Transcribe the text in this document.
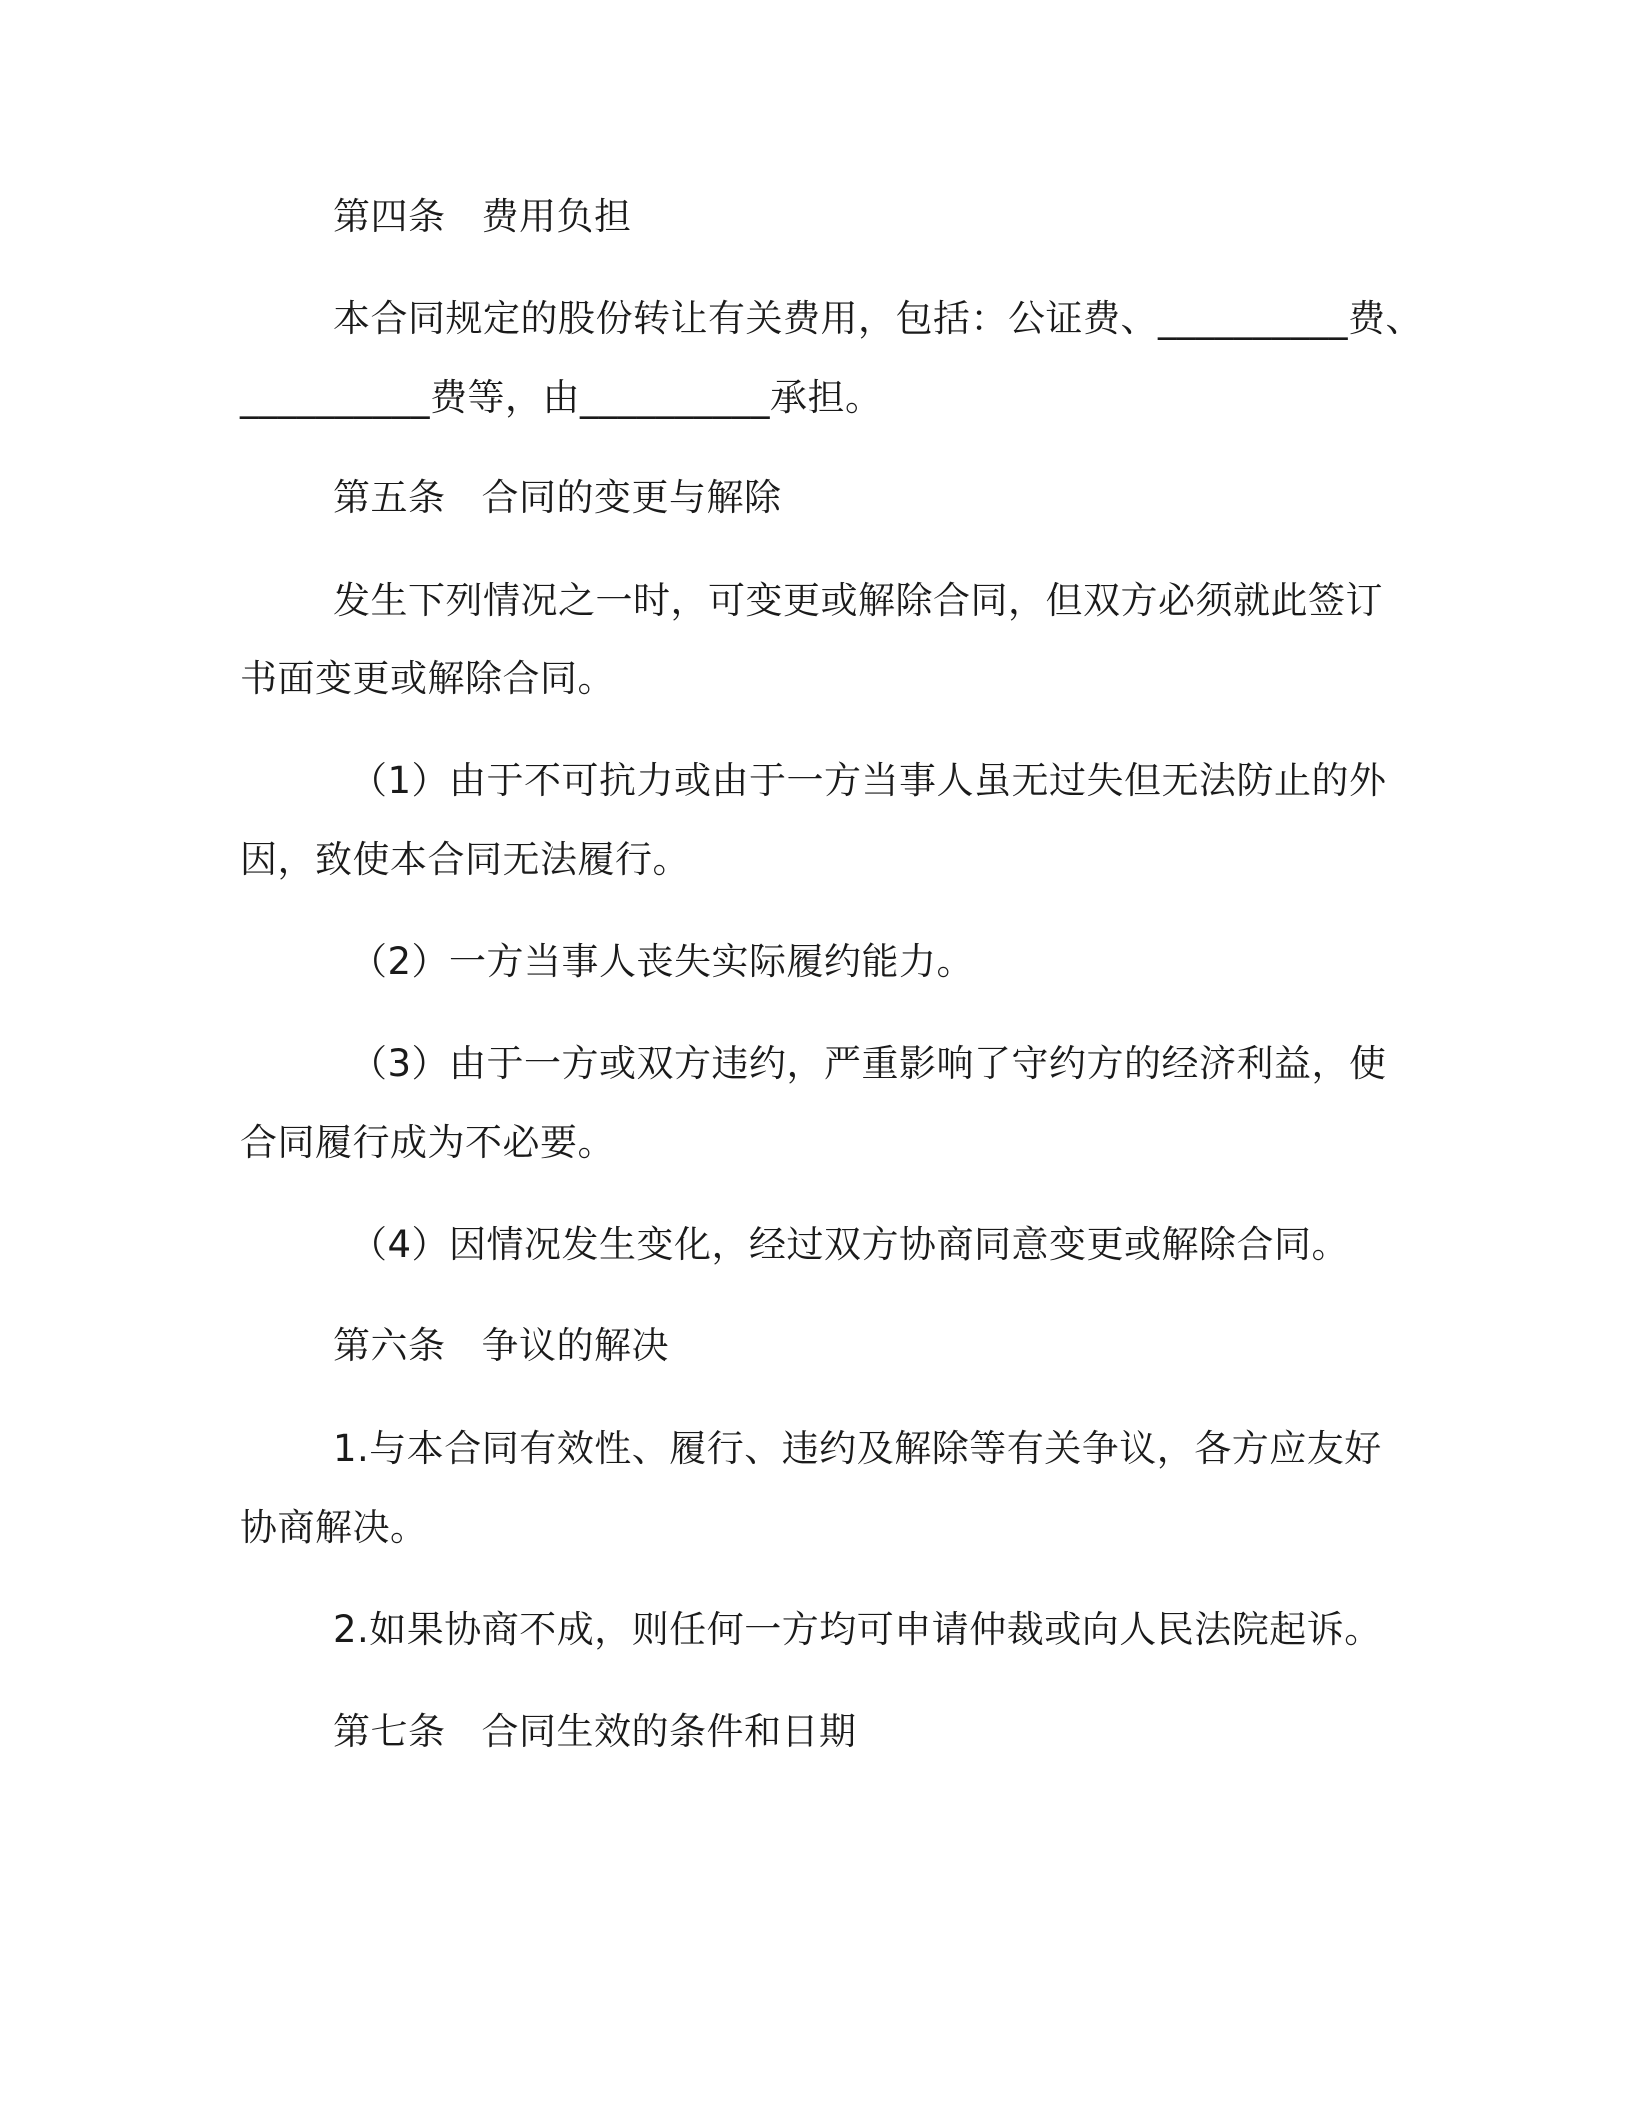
第四条 费用负担
本合同规定的股份转让有关费用，包括：公证费、__________费、
__________费等，由__________承担。
第五条 合同的变更与解除
发生下列情况之一时，可变更或解除合同，但双方必须就此签订
书面变更或解除合同。
（1）由于不可抗力或由于一方当事人虽无过失但无法防止的外
因，致使本合同无法履行。
（2）一方当事人丧失实际履约能力。
（3）由于一方或双方违约，严重影响了守约方的经济利益，使
合同履行成为不必要。
（4）因情况发生变化，经过双方协商同意变更或解除合同。
第六条 争议的解决
1.与本合同有效性、履行、违约及解除等有关争议，各方应友好
协商解决。
2.如果协商不成，则任何一方均可申请仲裁或向人民法院起诉。
第七条 合同生效的条件和日期
